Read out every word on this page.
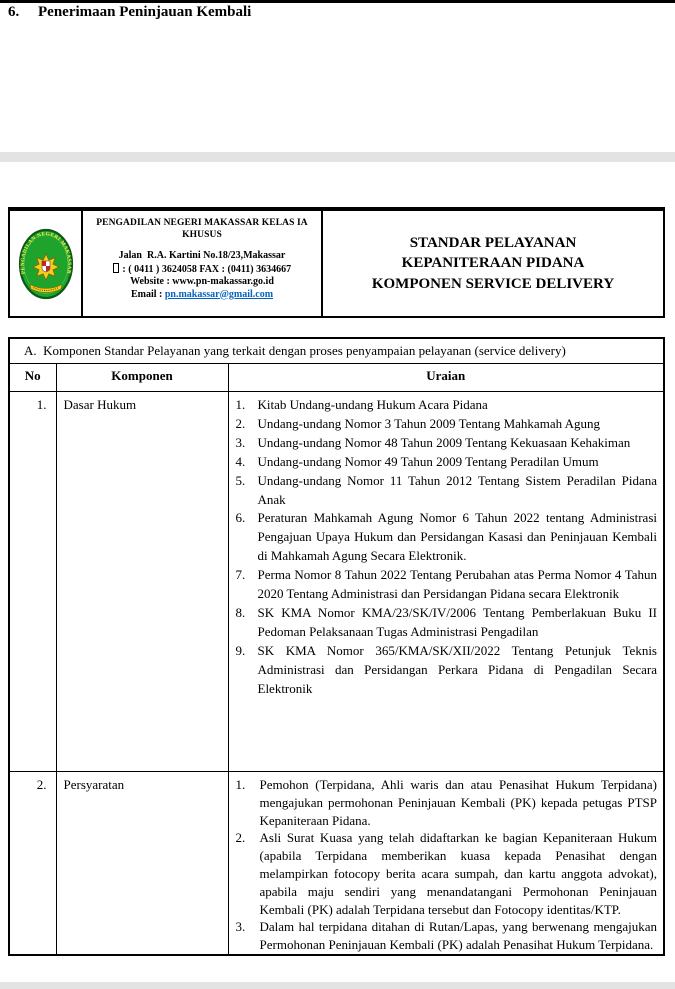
6. Penerimaan Peninjauan Kembali
PENGADILAN NEGERI MAKASSAR
PENGADILAN NEGERI MAKASSAR KELAS IA
KHUSUS
Jalan  R.A. Kartini No.18/23,Makassar
: ( 0411 ) 3624058 FAX : (0411) 3634667
Website : www.pn-makassar.go.id
Email : pn.makassar@gmail.com
STANDAR PELAYANAN
KEPANITERAAN PIDANA
KOMPONEN SERVICE DELIVERY
A.  Komponen Standar Pelayanan yang terkait dengan proses penyampaian pelayanan (service delivery)		
No	Komponen	Uraian
1.	Dasar Hukum	1. Kitab Undang-undang Hukum Acara Pidana
2. Undang-undang Nomor 3 Tahun 2009 Tentang Mahkamah Agung
3. Undang-undang Nomor 48 Tahun 2009 Tentang Kekuasaan Kehakiman
4. Undang-undang Nomor 49 Tahun 2009 Tentang Peradilan Umum
5. Undang-undang Nomor 11 Tahun 2012 Tentang Sistem Peradilan Pidana Anak
6. Peraturan Mahkamah Agung Nomor 6 Tahun 2022 tentang Administrasi Pengajuan Upaya Hukum dan Persidangan Kasasi dan Peninjauan Kembali di Mahkamah Agung Secara Elektronik.
7. Perma Nomor 8 Tahun 2022 Tentang Perubahan atas Perma Nomor 4 Tahun 2020 Tentang Administrasi dan Persidangan Pidana secara Elektronik
8. SK KMA Nomor KMA/23/SK/IV/2006 Tentang Pemberlakuan Buku II Pedoman Pelaksanaan Tugas Administrasi Pengadilan
9. SK KMA Nomor 365/KMA/SK/XII/2022 Tentang Petunjuk Teknis Administrasi dan Persidangan Perkara Pidana di Pengadilan Secara Elektronik

2.	Persyaratan	1. Pemohon (Terpidana, Ahli waris dan atau Penasihat Hukum Terpidana) mengajukan permohonan Peninjauan Kembali (PK) kepada petugas PTSP Kepaniteraan Pidana.
2. Asli Surat Kuasa yang telah didaftarkan ke bagian Kepaniteraan Hukum (apabila Terpidana memberikan kuasa kepada Penasihat dengan melampirkan fotocopy berita acara sumpah, dan kartu anggota advokat), apabila maju sendiri yang menandatangani Permohonan Peninjauan Kembali (PK) adalah Terpidana tersebut dan Fotocopy identitas/KTP.
3. Dalam hal terpidana ditahan di Rutan/Lapas, yang berwenang mengajukan Permohonan Peninjauan Kembali (PK) adalah Penasihat Hukum Terpidana.
